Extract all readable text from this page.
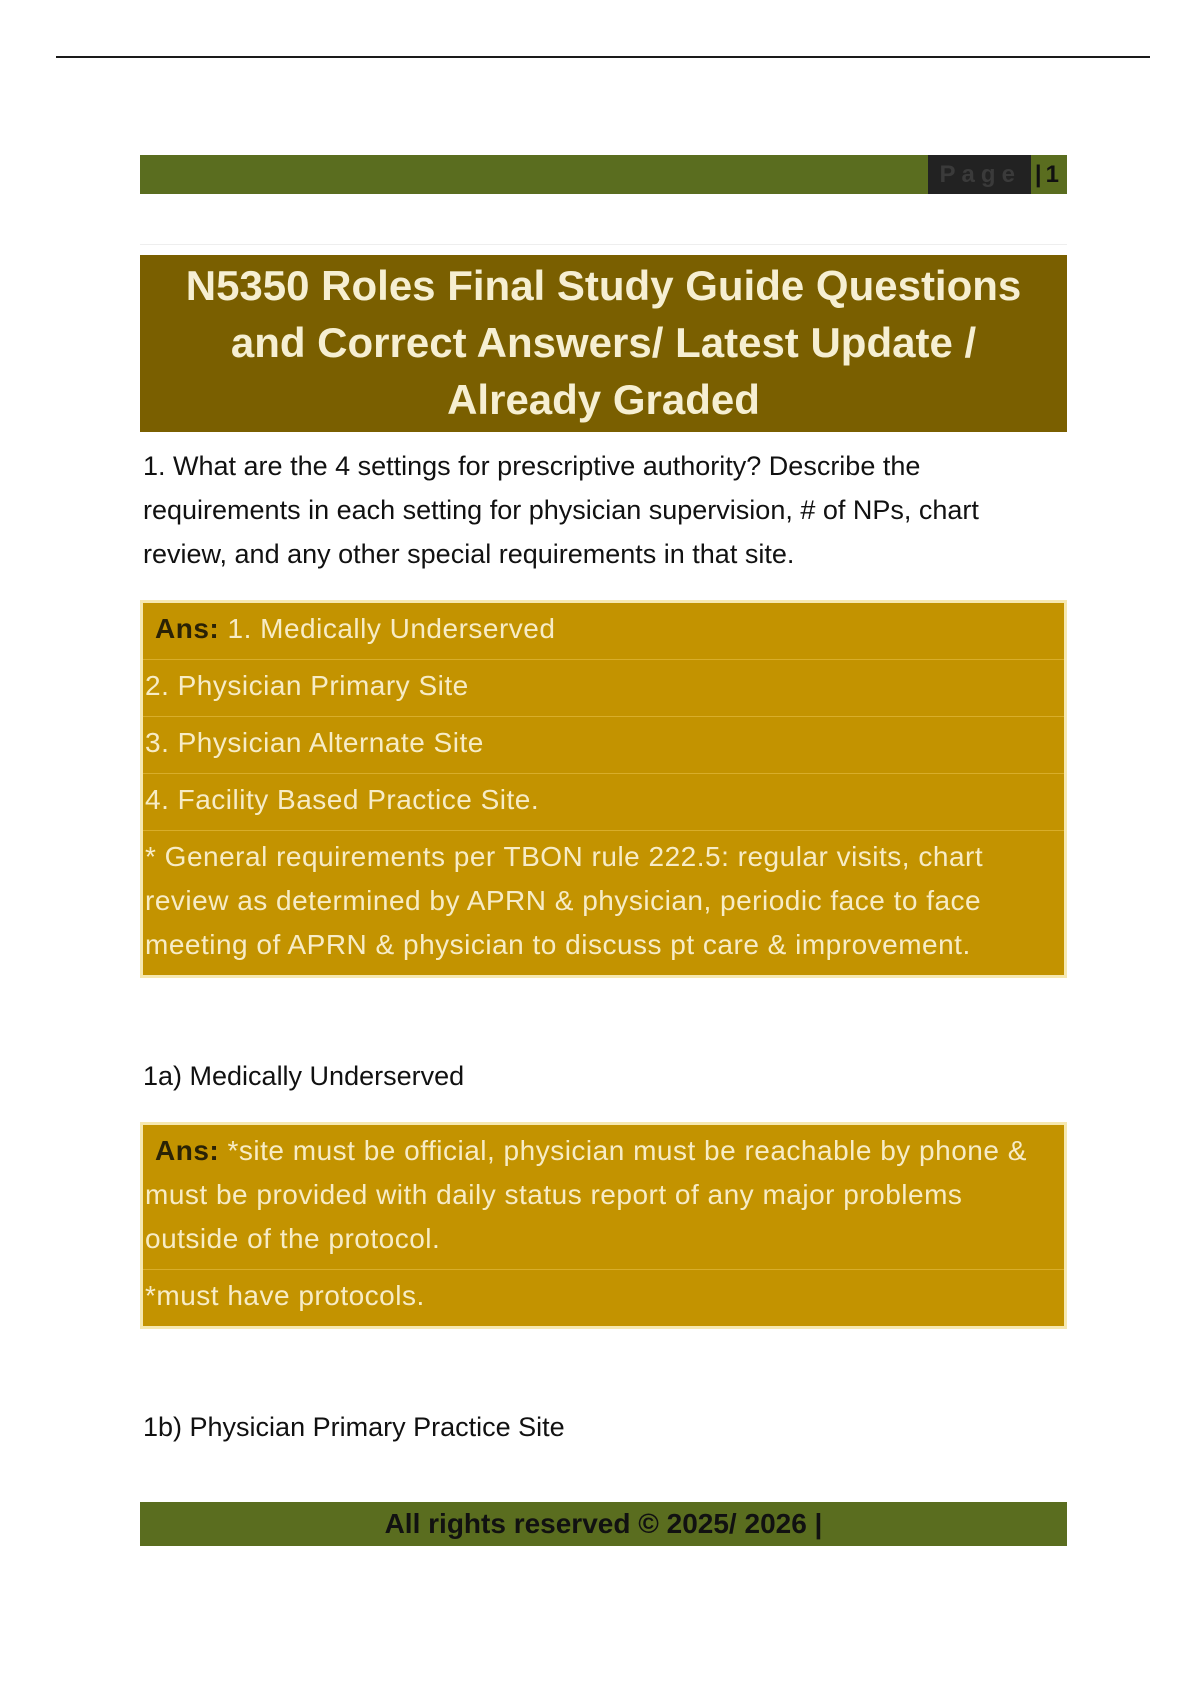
Page | 1
N5350 Roles Final Study Guide Questions and Correct Answers/ Latest Update / Already Graded
1. What are the 4 settings for prescriptive authority? Describe the requirements in each setting for physician supervision, # of NPs, chart review, and any other special requirements in that site.
Ans: 1. Medically Underserved
2. Physician Primary Site
3. Physician Alternate Site
4. Facility Based Practice Site.
* General requirements per TBON rule 222.5: regular visits, chart review as determined by APRN & physician, periodic face to face meeting of APRN & physician to discuss pt care & improvement.
1a) Medically Underserved
Ans: *site must be official, physician must be reachable by phone & must be provided with daily status report of any major problems outside of the protocol.
*must have protocols.
1b) Physician Primary Practice Site
All rights reserved © 2025/ 2026 |
